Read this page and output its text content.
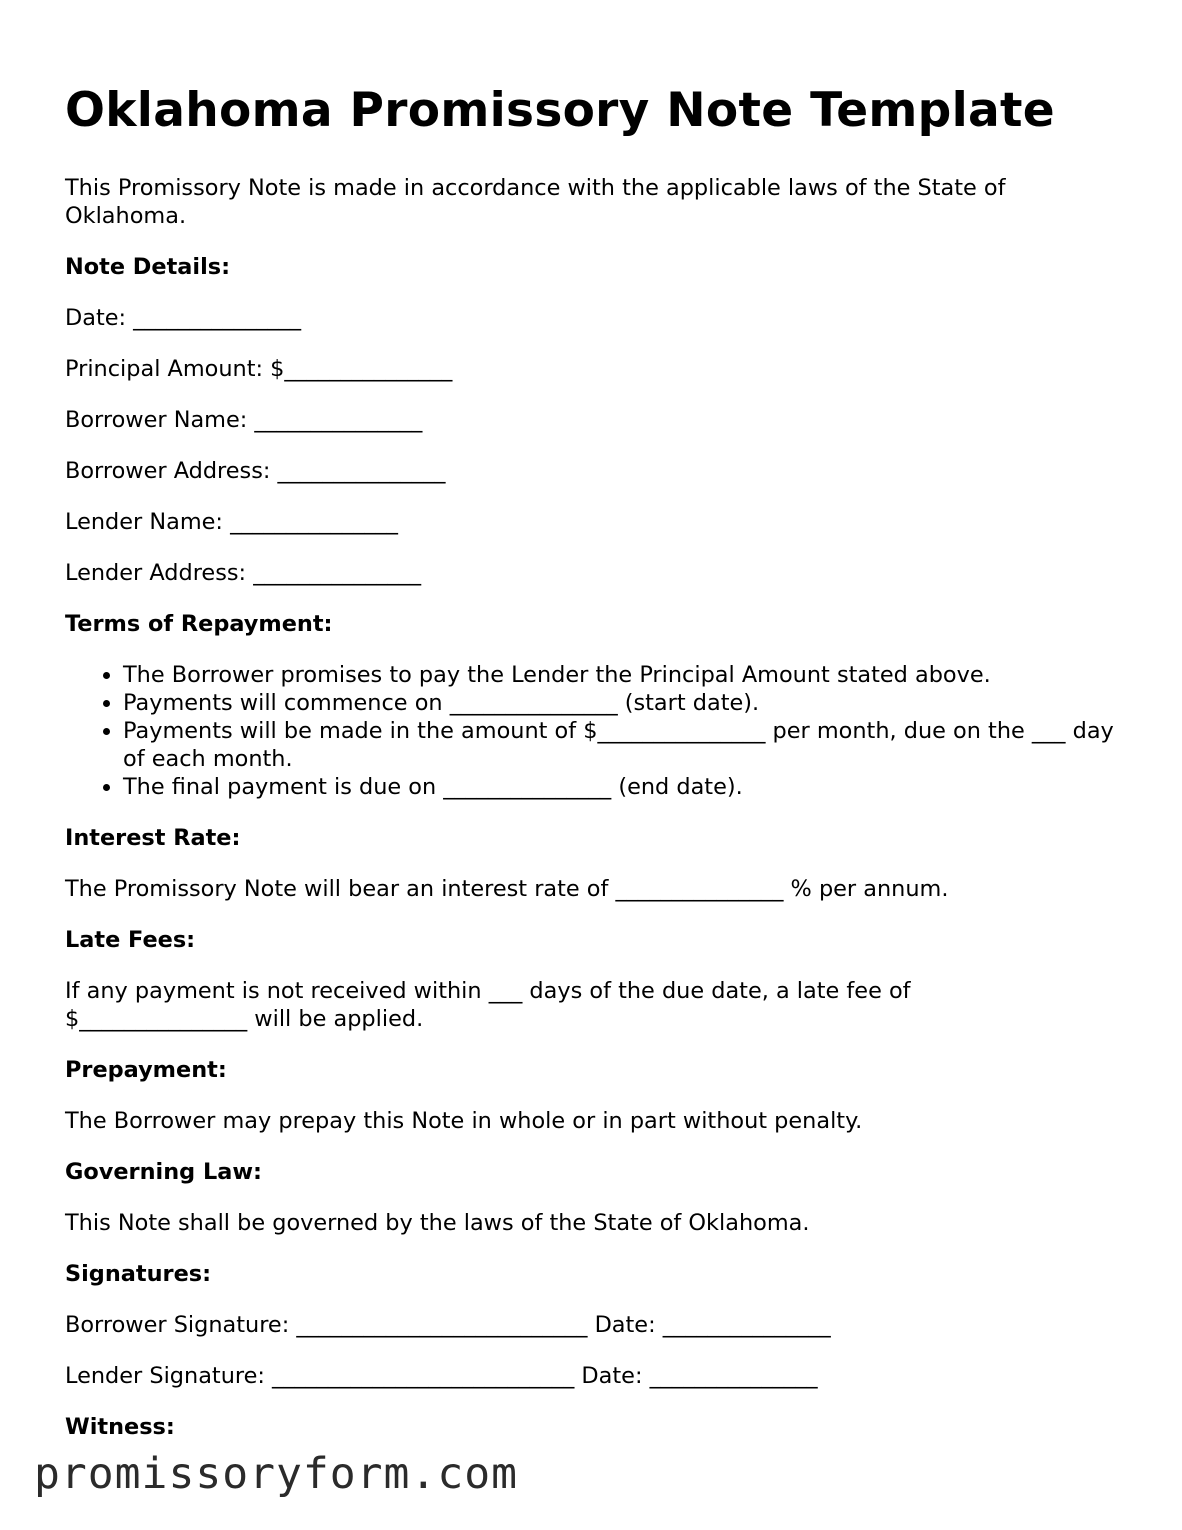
Oklahoma Promissory Note Template

This Promissory Note is made in accordance with the applicable laws of the State of Oklahoma.

Note Details:

Date: _______________

Principal Amount: $_______________

Borrower Name: _______________

Borrower Address: _______________

Lender Name: _______________

Lender Address: _______________

Terms of Repayment:

• The Borrower promises to pay the Lender the Principal Amount stated above.
• Payments will commence on _______________ (start date).
• Payments will be made in the amount of $_______________ per month, due on the ___ day of each month.
• The final payment is due on _______________ (end date).

Interest Rate:

The Promissory Note will bear an interest rate of _______________ % per annum.

Late Fees:

If any payment is not received within ___ days of the due date, a late fee of $_______________ will be applied.

Prepayment:

The Borrower may prepay this Note in whole or in part without penalty.

Governing Law:

This Note shall be governed by the laws of the State of Oklahoma.

Signatures:

Borrower Signature: __________________________ Date: _______________

Lender Signature: ___________________________ Date: _______________

Witness:

promissoryform.com
